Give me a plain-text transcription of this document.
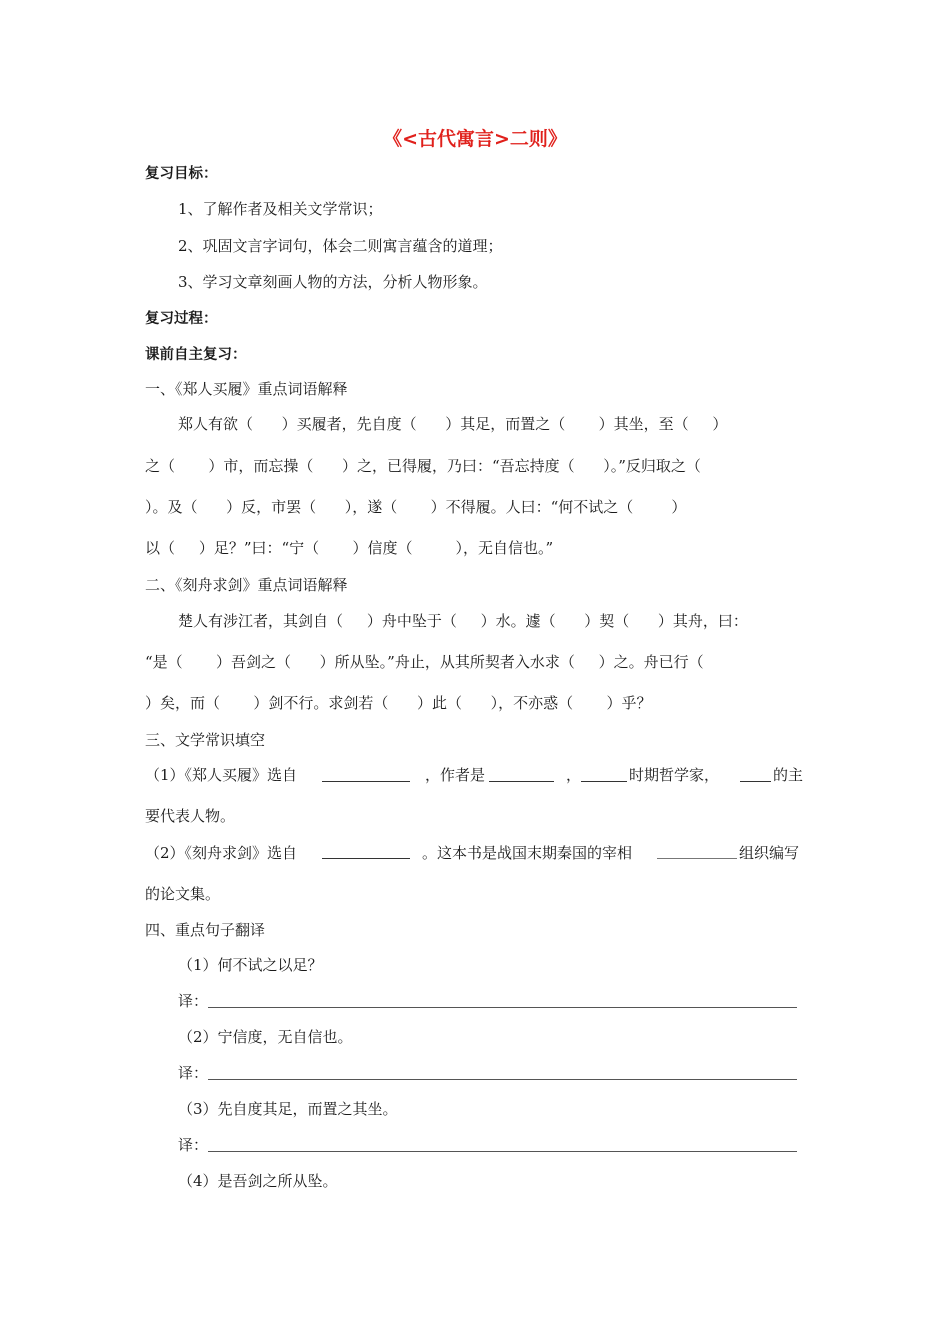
《<古代寓言>二则》
复习目标：
1、了解作者及相关文学常识；
2、巩固文言字词句，体会二则寓言蕴含的道理；
3、学习文章刻画人物的方法，分析人物形象。
复习过程：
课前自主复习：
一、《郑人买履》重点词语解释
郑人有欲（      ）买履者，先自度（      ）其足，而置之（       ）其坐，至（     ）
之（       ）市，而忘操（      ）之，已得履，乃曰：“吾忘持度（      ）。”反归取之（
）。及（      ）反，市罢（      ），遂（       ）不得履。人曰：“何不试之（        ）
以（     ）足？”曰：“宁（       ）信度（         ），无自信也。”
二、《刻舟求剑》重点词语解释
楚人有涉江者，其剑自（     ）舟中坠于（     ）水。遽（      ）契（      ）其舟，曰：
“是（       ）吾剑之（      ）所从坠。”舟止，从其所契者入水求（     ）之。舟已行（
）矣，而（       ）剑不行。求剑若（      ）此（      ），不亦惑（       ）乎？
三、文学常识填空
（1）《郑人买履》选自	，作者是	，	时期哲学家，	的主
要代表人物。
（2）《刻舟求剑》选自	。这本书是战国末期秦国的宰相	组织编写
的论文集。
四、重点句子翻译
（1）何不试之以足？
译：
（2）宁信度，无自信也。
译：
（3）先自度其足，而置之其坐。
译：
（4）是吾剑之所从坠。
